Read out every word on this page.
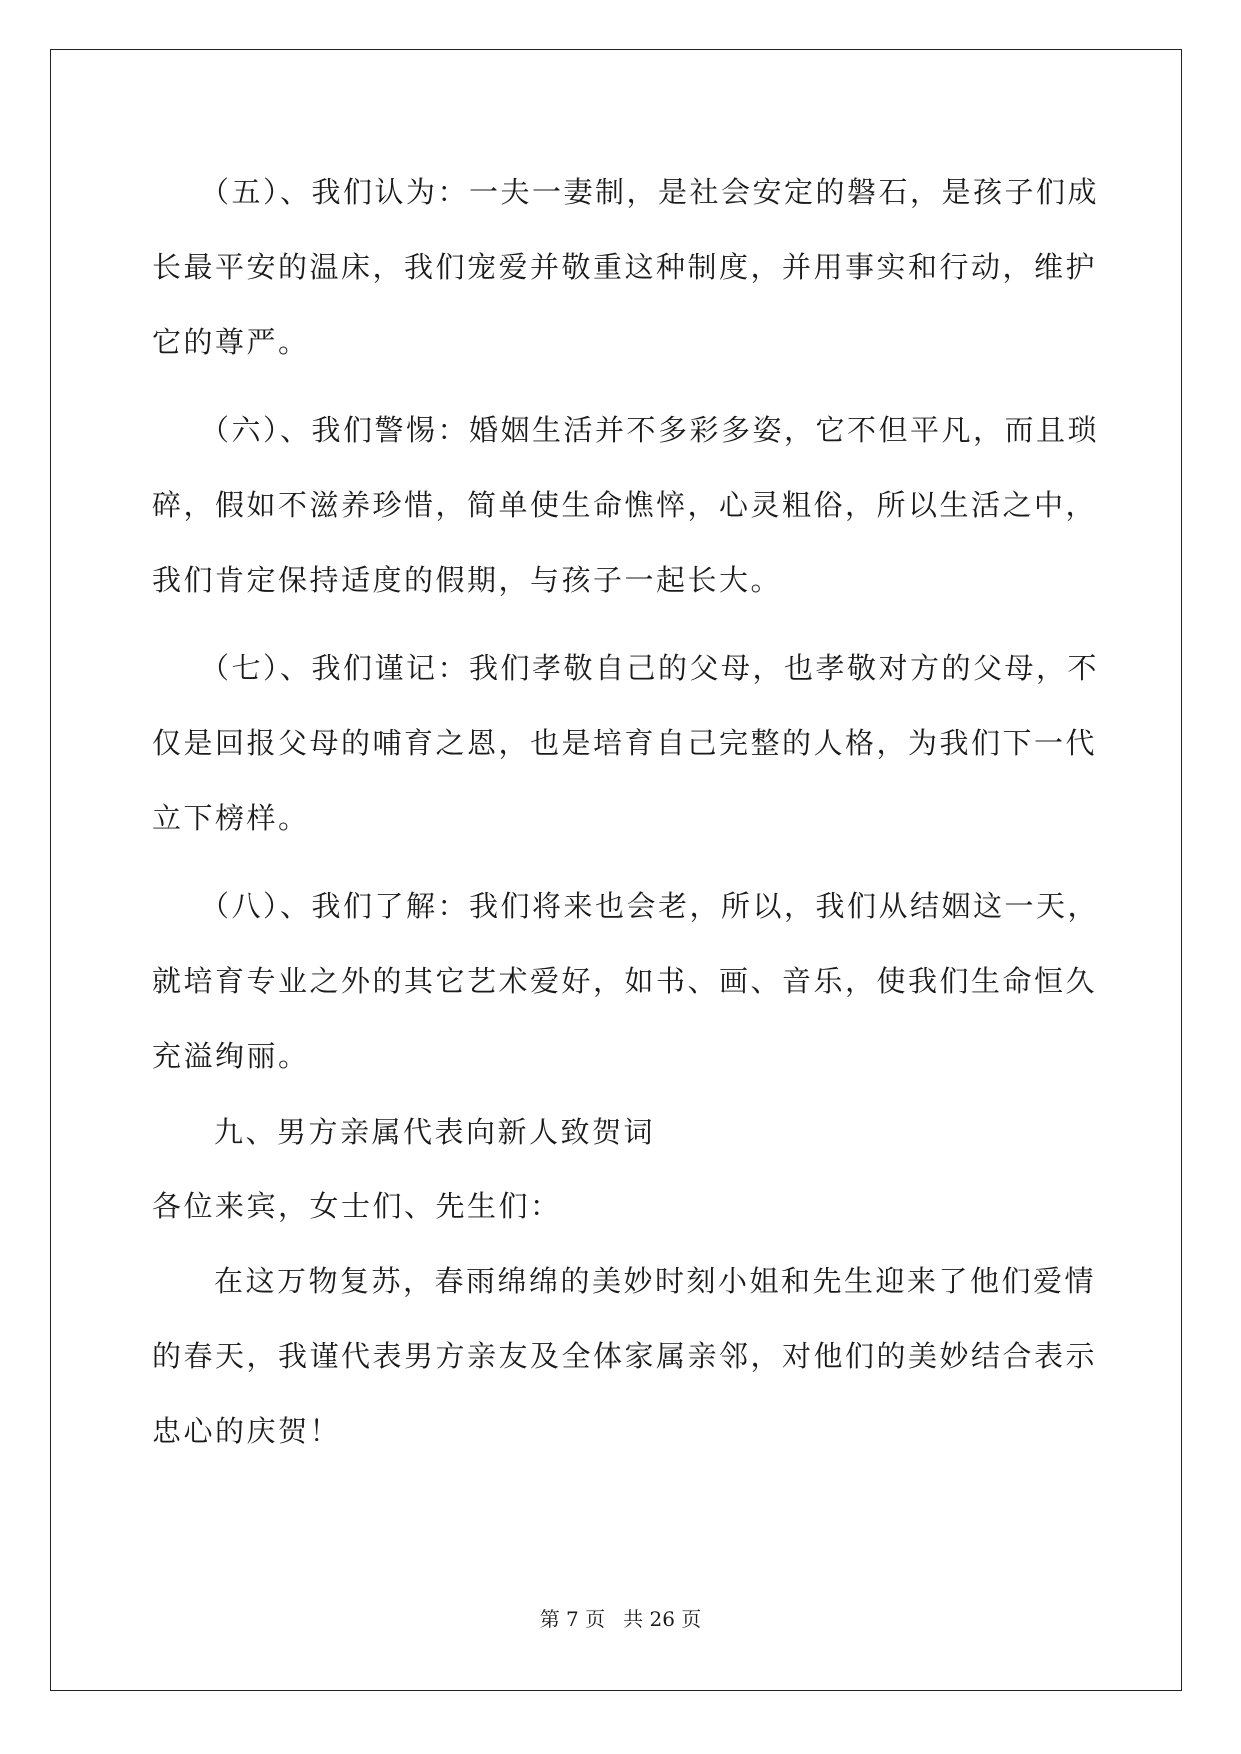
（五）、我们认为：一夫一妻制，是社会安定的磐石，是孩子们成
长最平安的温床，我们宠爱并敬重这种制度，并用事实和行动，维护
它的尊严。
（六）、我们警惕：婚姻生活并不多彩多姿，它不但平凡，而且琐
碎，假如不滋养珍惜，简单使生命憔悴，心灵粗俗，所以生活之中，
我们肯定保持适度的假期，与孩子一起长大。
（七）、我们谨记：我们孝敬自己的父母，也孝敬对方的父母，不
仅是回报父母的哺育之恩，也是培育自己完整的人格，为我们下一代
立下榜样。
（八）、我们了解：我们将来也会老，所以，我们从结姻这一天，
就培育专业之外的其它艺术爱好，如书、画、音乐，使我们生命恒久
充溢绚丽。
九、男方亲属代表向新人致贺词
各位来宾，女士们、先生们：
在这万物复苏，春雨绵绵的美妙时刻小姐和先生迎来了他们爱情
的春天，我谨代表男方亲友及全体家属亲邻，对他们的美妙结合表示
忠心的庆贺！
第 7 页 共 26 页
